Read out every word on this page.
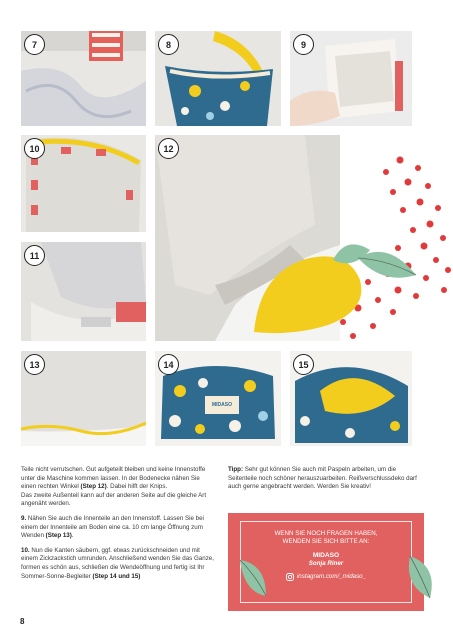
7	8	9
10
11
12
13	14
MIDASO
15

Teile nicht verrutschen. Gut aufgeteilt bleiben und keine Innenstoffe unter die Maschine kommen lassen. In der Bodenecke nähen Sie einen rechten Winkel (Step 12). Dabei hilft der Knips.
Das zweite Außenteil kann auf der anderen Seite auf die gleiche Art angenäht werden.

9. Nähen Sie auch die Innenteile an den Innenstoff. Lassen Sie bei einem der Innenteile am Boden eine ca. 10 cm lange Öffnung zum Wenden (Step 13).

10. Nun die Kanten säubern, ggf. etwas zurückschneiden und mit einem Zickzackstich umrunden. Anschließend wenden Sie das Ganze, formen es schön aus, schließen die Wendeöffnung und fertig ist Ihr Sommer-Sonne-Begleiter (Step 14 und 15)

Tipp: Sehr gut können Sie auch mit Paspeln arbeiten, um die Seitenteile noch schöner herauszuarbeiten. Reißverschlussdeko darf auch gerne angebracht werden. Werden Sie kreativ!
WENN SIE NOCH FRAGEN HABEN,
WENDEN SIE SICH BITTE AN:
MIDASO
Sonja Riner
instagram.com/_midaso_
8
